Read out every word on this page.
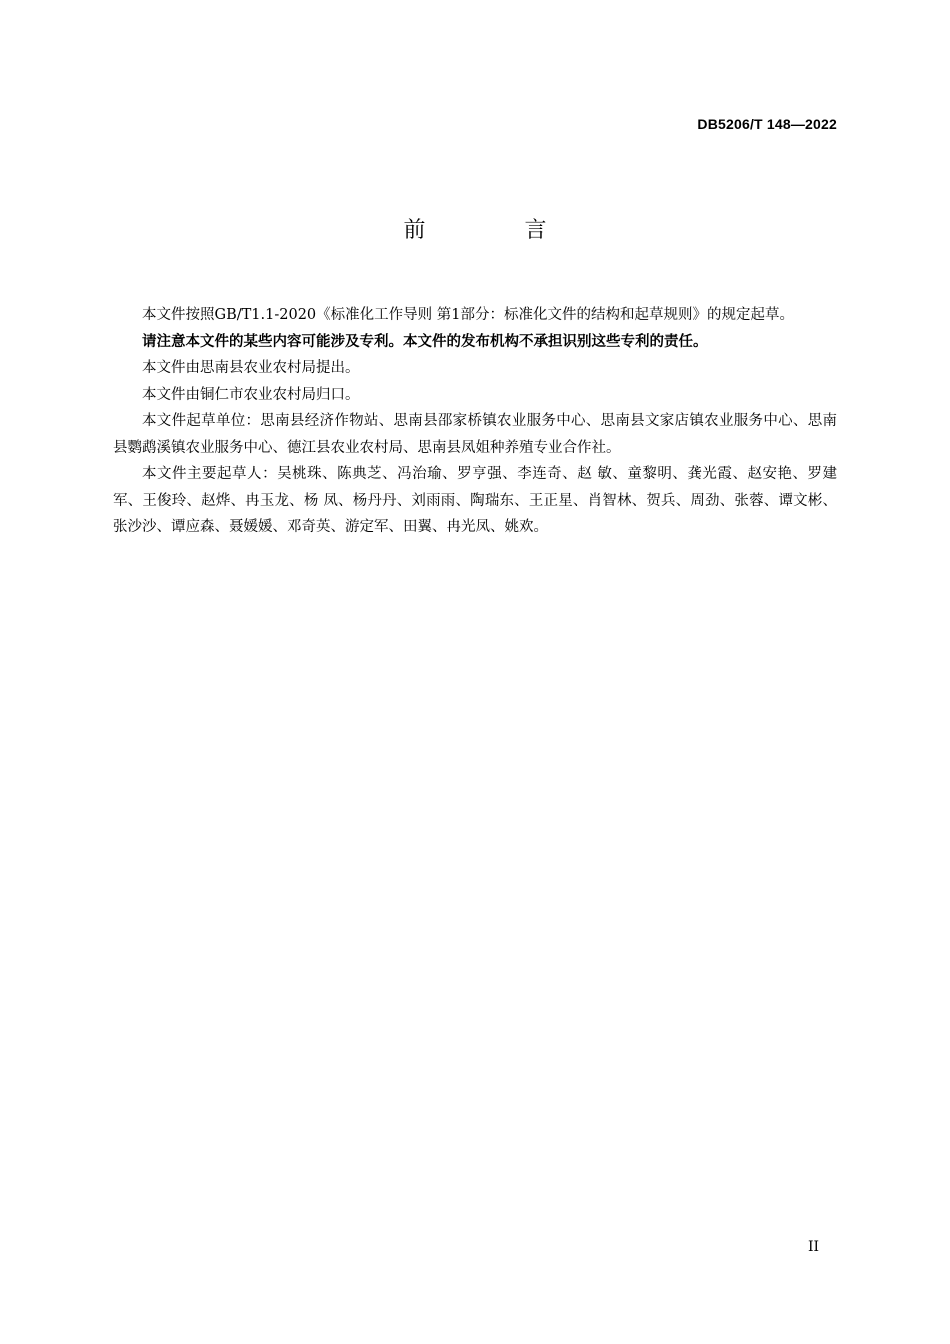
DB5206/T 148—2022
前 言

本文件按照GB/T1.1-2020《标准化工作导则 第1部分：标准化文件的结构和起草规则》的规定起草。

请注意本文件的某些内容可能涉及专利。本文件的发布机构不承担识别这些专利的责任。

本文件由思南县农业农村局提出。

本文件由铜仁市农业农村局归口。

本文件起草单位：思南县经济作物站、思南县邵家桥镇农业服务中心、思南县文家店镇农业服务中心、思南县鹦鹉溪镇农业服务中心、德江县农业农村局、思南县凤姐种养殖专业合作社。

本文件主要起草人：吴桃珠、陈典芝、冯治瑜、罗亨强、李连奇、赵 敏、童黎明、龚光霞、赵安艳、罗建军、王俊玲、赵烨、冉玉龙、杨 凤、杨丹丹、刘雨雨、陶瑞东、王正星、肖智林、贺兵、周劲、张蓉、谭文彬、张沙沙、谭应森、聂媛媛、邓奇英、游定军、田翼、冉光凤、姚欢。

II
